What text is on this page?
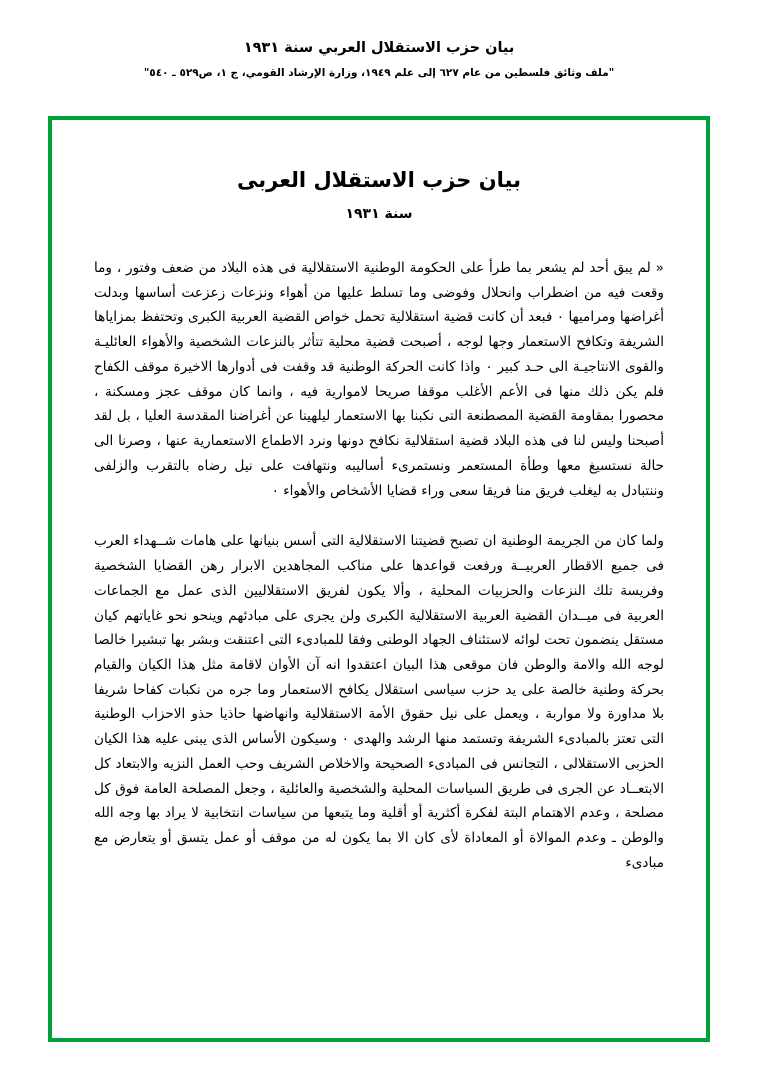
بيان حزب الاستقلال العربي سنة ١٩٣١
"ملف وثائق فلسطين من عام ٦٢٧ إلى علم ١٩٤٩، وزارة الإرشاد القومي، ج ١، ص٥٢٩ ـ ٥٤٠"
بيان حزب الاستقلال العربى
سنة ١٩٣١

« لم يبق أحد لم يشعر بما طرأ على الحكومة الوطنية الاستقلالية فى هذه البلاد من ضعف وفتور ، وما وقعت فيه من اضطراب وانحلال وفوضى وما تسلط عليها من أهواء ونزعات زعزعت أساسها وبدلت أغراضها ومراميها ٠ فبعد أن كانت قضية استقلالية تحمل خواص القضية العربية الكبرى وتحتفظ بمزاياها الشريفة وتكافح الاستعمار وجها لوجه ، أصبحت قضية محلية تتأثر بالنزعات الشخصية والأهواء العائليـة والقوى الانتاجيـة الى حـد كبير ٠ واذا كانت الحركة الوطنية قد وقفت فى أدوارها الاخيرة موقف الكفاح فلم يكن ذلك منها فى الأعم الأغلب موقفا صريحا لاموارية فيه ، وانما كان موقف عجز ومسكنة ، محصورا بمقاومة القضية المصطنعة التى نكبنا بها الاستعمار ليلهينا عن أغراضنا المقدسة العليا ، بل لقد أصبحنا وليس لنا فى هذه البلاد قضية استقلالية نكافح دونها ونرد الاطماع الاستعمارية عنها ، وصرنا الى حالة نستسيغ معها وطأة المستعمر ونستمرىء أساليبه ونتهافت على نيل رضاه بالتقرب والزلفى وننتبادل به ليغلب فريق منا فريقا سعى وراء قضايا الأشخاص والأهواء ٠

ولما كان من الجريمة الوطنية ان تصبح قضيتنا الاستقلالية التى أسس بنيانها على هامات شــهداء العرب فى جميع الاقطار العربيــة ورفعت قواعدها على مناكب المجاهدين الابرار رهن القضايا الشخصية وفريسة تلك النزعات والحزبيات المحلية ، وألا يكون لفريق الاستقلاليين الذى عمل مع الجماعات العربية فى ميــدان القضية العربية الاستقلالية الكبرى ولن يجرى على مبادئهم وينحو نحو غاياتهم كيان مستقل ينضمون تحت لوائه لاستئناف الجهاد الوطنى وفقا للمبادىء التى اعتنقت وبشر بها تبشيرا خالصا لوجه الله والامة والوطن فان موقعى هذا البيان اعتقدوا انه آن الأوان لاقامة مثل هذا الكيان والقيام بحركة وطنية خالصة على يد حزب سياسى استقلال يكافح الاستعمار وما جره من نكبات كفاحا شريفا بلا مداورة ولا مواربة ، ويعمل على نيل حقوق الأمة الاستقلالية وانهاضها حاذيا حذو الاحزاب الوطنية التى تعتز بالمبادىء الشريفة وتستمد منها الرشد والهدى ٠ وسيكون الأساس الذى يبنى عليه هذا الكيان الحزبى الاستقلالى ، التجانس فى المبادىء الصحيحة والاخلاص الشريف وحب العمل النزيه والابتعاد كل الابتعــاد عن الجرى فى طريق السياسات المحلية والشخصية والعائلية ، وجعل المصلحة العامة فوق كل مصلحة ، وعدم الاهتمام البتة لفكرة أكثرية أو أقلية وما يتبعها من سياسات انتخابية لا يراد بها وجه الله والوطن ـ وعدم الموالاة أو المعاداة لأى كان الا بما يكون له من موقف أو عمل يتسق أو يتعارض مع مبادىء
